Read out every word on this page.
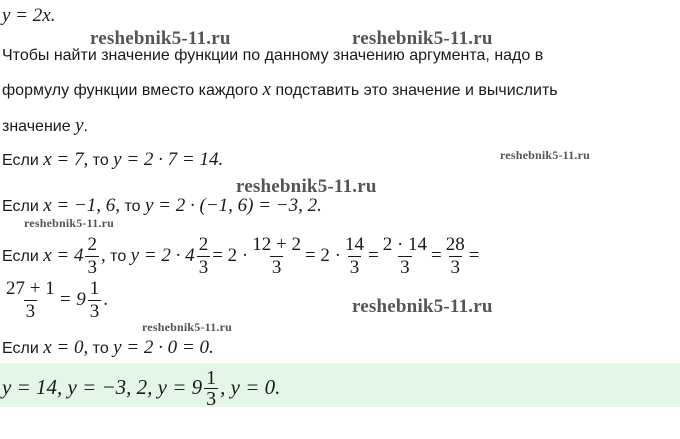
y = 2x.
Чтобы найти значение функции по данному значению аргумента, надо в
формулу функции вместо каждого x подставить это значение и вычислить
значение y.
Если x = 7, то y = 2 · 7 = 14.
Если x = −1, 6, то y = 2 · (−1, 6) = −3, 2.
Если $x = 4 \frac{2}{3}$ , то $y = 2 \cdot 4 \frac{2}{3} = 2 \cdot \frac{12 + 2}{3} = 2 \cdot \frac{14}{3} = \frac{2 \cdot 14}{3} = \frac{28}{3}$ =
$\frac{27 + 1}{3} = 9 \frac{1}{3}$ .
Если x = 0, то y = 2 · 0 = 0.
y = 14, y = −3, 2, $y = 9 \frac{1}{3}$ , y = 0.
reshebnik5-11.ru	reshebnik5-11.ru
reshebnik5-11.ru
reshebnik5-11.ru
reshebnik5-11.ru
reshebnik5-11.ru
reshebnik5-11.ru
